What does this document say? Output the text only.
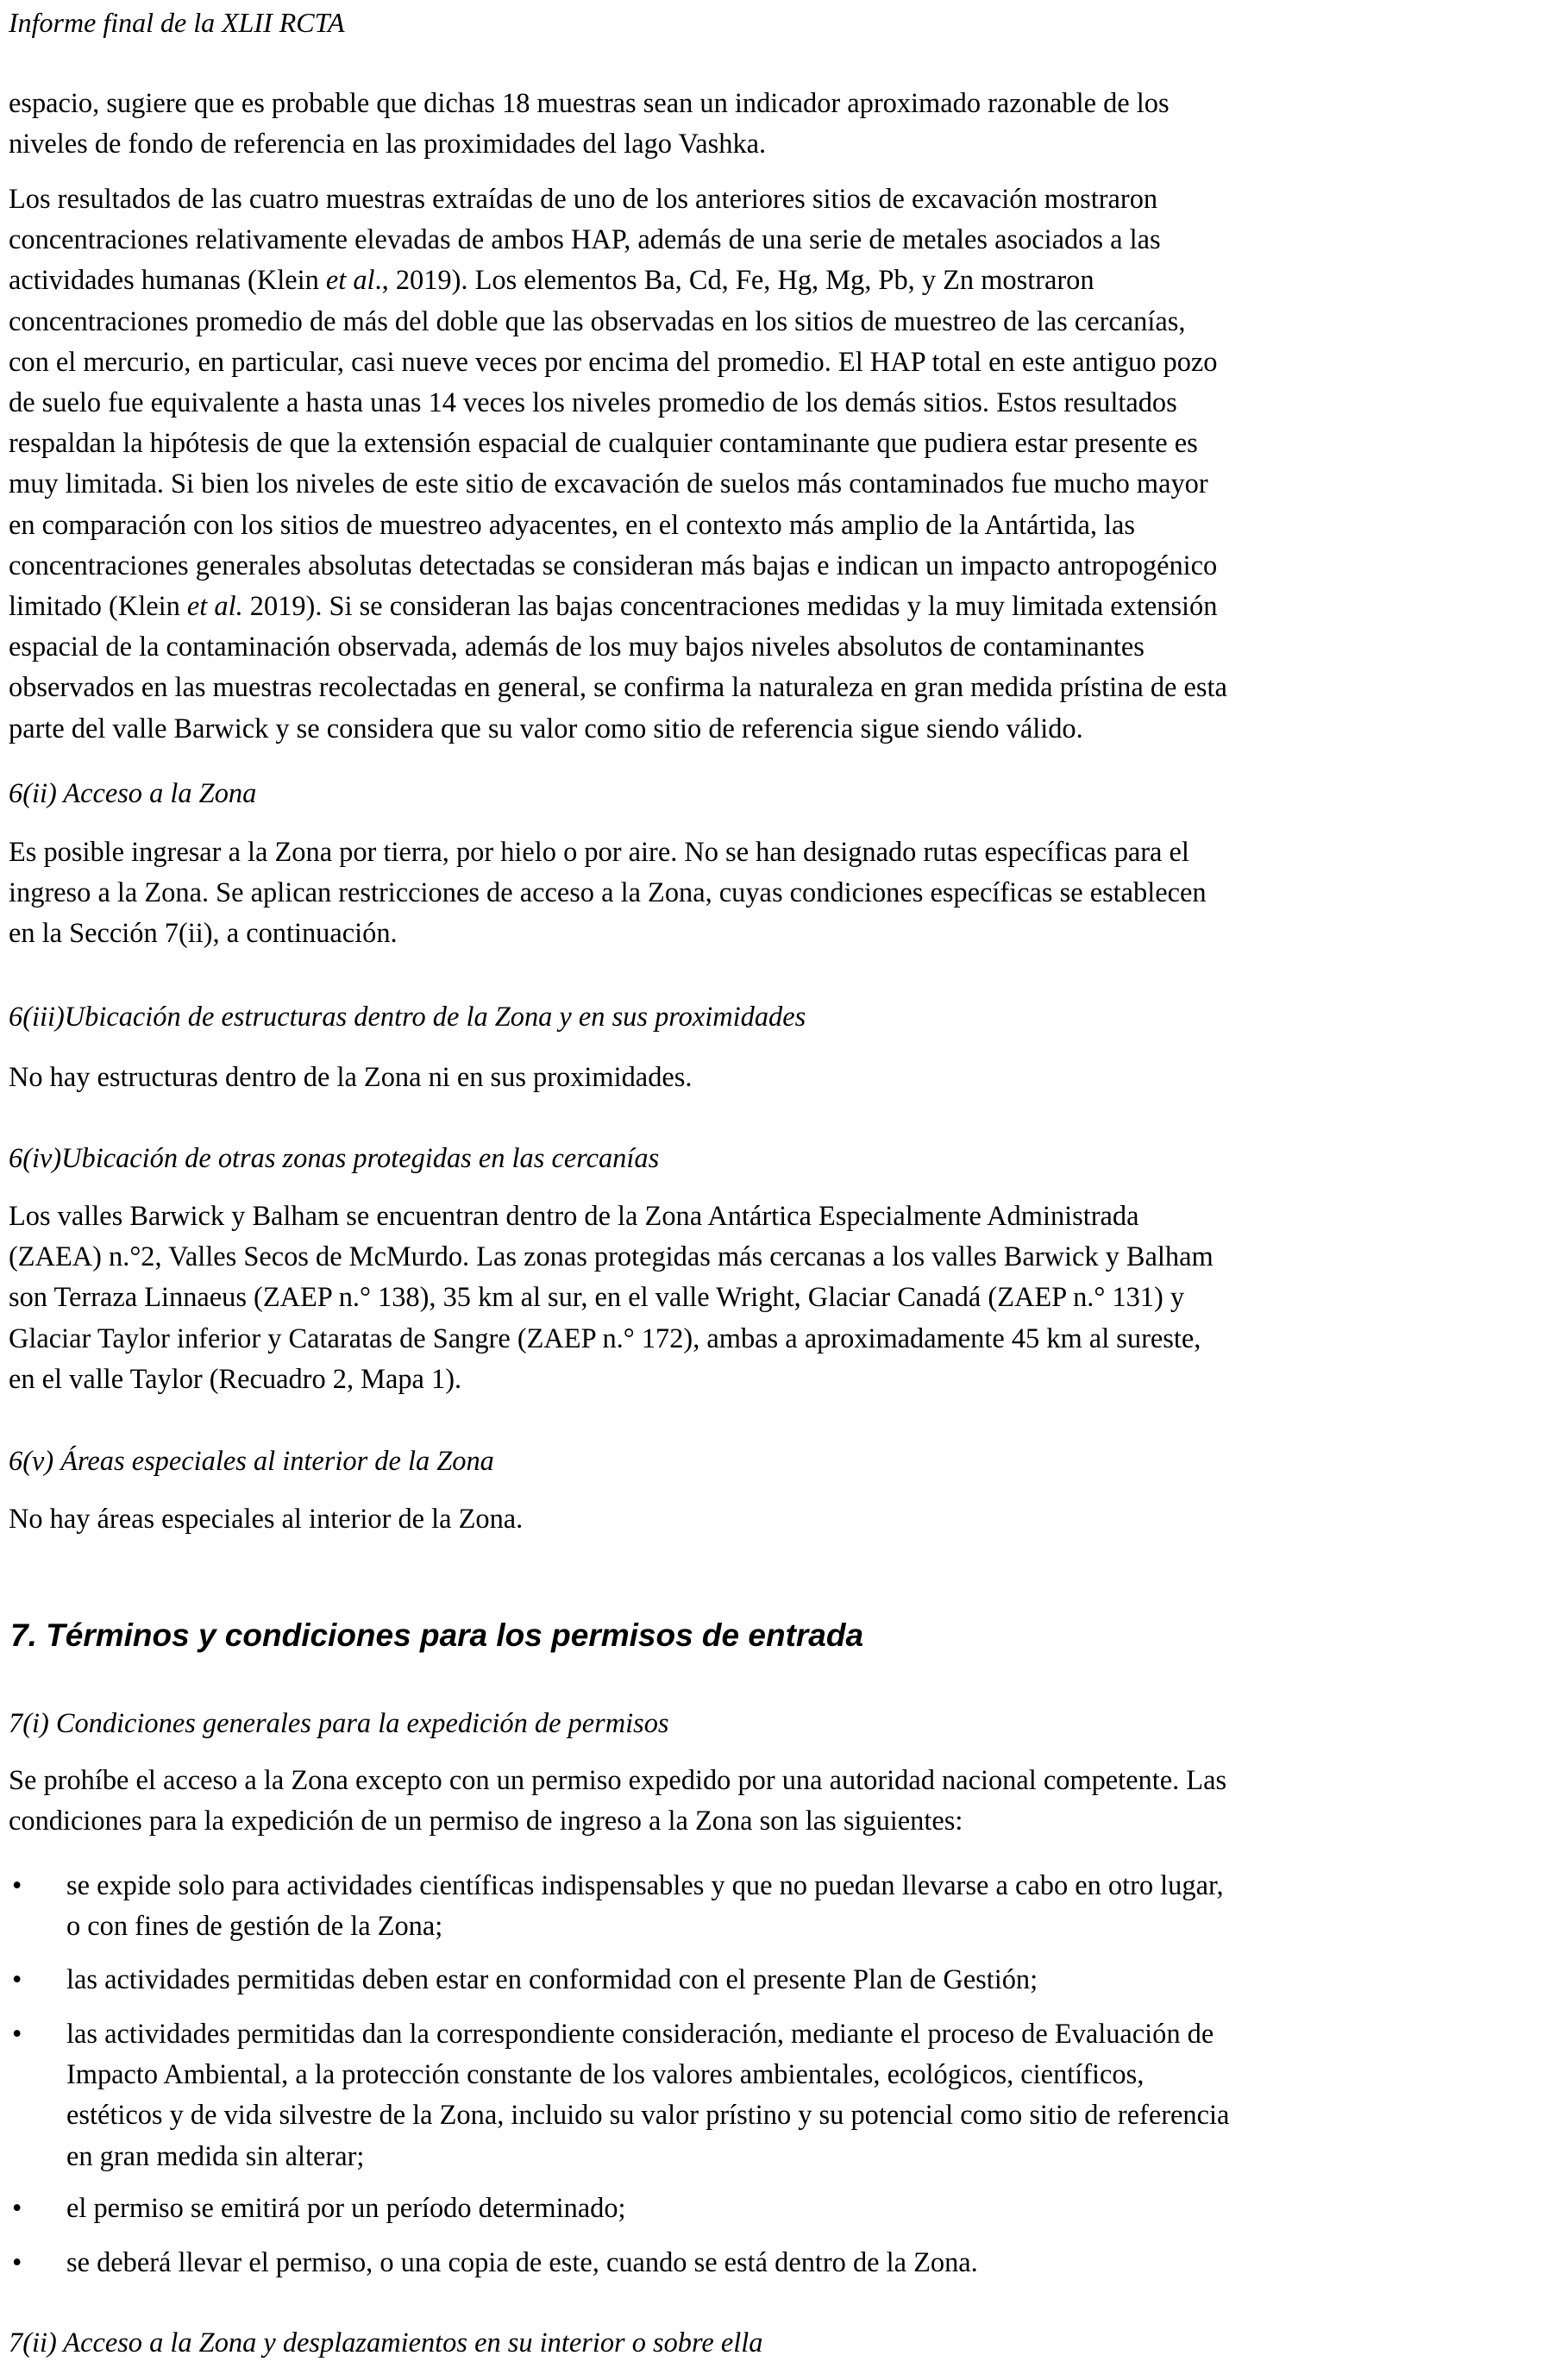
Informe final de la XLII RCTA
espacio, sugiere que es probable que dichas 18 muestras sean un indicador aproximado razonable de los
niveles de fondo de referencia en las proximidades del lago Vashka.
Los resultados de las cuatro muestras extraídas de uno de los anteriores sitios de excavación mostraron
concentraciones relativamente elevadas de ambos HAP, además de una serie de metales asociados a las
actividades humanas (Klein et al., 2019). Los elementos Ba, Cd, Fe, Hg, Mg, Pb, y Zn mostraron
concentraciones promedio de más del doble que las observadas en los sitios de muestreo de las cercanías,
con el mercurio, en particular, casi nueve veces por encima del promedio. El HAP total en este antiguo pozo
de suelo fue equivalente a hasta unas 14 veces los niveles promedio de los demás sitios. Estos resultados
respaldan la hipótesis de que la extensión espacial de cualquier contaminante que pudiera estar presente es
muy limitada. Si bien los niveles de este sitio de excavación de suelos más contaminados fue mucho mayor
en comparación con los sitios de muestreo adyacentes, en el contexto más amplio de la Antártida, las
concentraciones generales absolutas detectadas se consideran más bajas e indican un impacto antropogénico
limitado (Klein et al. 2019). Si se consideran las bajas concentraciones medidas y la muy limitada extensión
espacial de la contaminación observada, además de los muy bajos niveles absolutos de contaminantes
observados en las muestras recolectadas en general, se confirma la naturaleza en gran medida prístina de esta
parte del valle Barwick y se considera que su valor como sitio de referencia sigue siendo válido.
6(ii) Acceso a la Zona
Es posible ingresar a la Zona por tierra, por hielo o por aire. No se han designado rutas específicas para el
ingreso a la Zona. Se aplican restricciones de acceso a la Zona, cuyas condiciones específicas se establecen
en la Sección 7(ii), a continuación.
6(iii)Ubicación de estructuras dentro de la Zona y en sus proximidades
No hay estructuras dentro de la Zona ni en sus proximidades.
6(iv)Ubicación de otras zonas protegidas en las cercanías
Los valles Barwick y Balham se encuentran dentro de la Zona Antártica Especialmente Administrada
(ZAEA) n.°2, Valles Secos de McMurdo. Las zonas protegidas más cercanas a los valles Barwick y Balham
son Terraza Linnaeus (ZAEP n.° 138), 35 km al sur, en el valle Wright, Glaciar Canadá (ZAEP n.° 131) y
Glaciar Taylor inferior y Cataratas de Sangre (ZAEP n.° 172), ambas a aproximadamente 45 km al sureste,
en el valle Taylor (Recuadro 2, Mapa 1).
6(v) Áreas especiales al interior de la Zona
No hay áreas especiales al interior de la Zona.
7. Términos y condiciones para los permisos de entrada
7(i) Condiciones generales para la expedición de permisos
Se prohíbe el acceso a la Zona excepto con un permiso expedido por una autoridad nacional competente. Las
condiciones para la expedición de un permiso de ingreso a la Zona son las siguientes:
•	se expide solo para actividades científicas indispensables y que no puedan llevarse a cabo en otro lugar,
o con fines de gestión de la Zona;
•	las actividades permitidas deben estar en conformidad con el presente Plan de Gestión;
•	las actividades permitidas dan la correspondiente consideración, mediante el proceso de Evaluación de
Impacto Ambiental, a la protección constante de los valores ambientales, ecológicos, científicos,
estéticos y de vida silvestre de la Zona, incluido su valor prístino y su potencial como sitio de referencia
en gran medida sin alterar;
•	el permiso se emitirá por un período determinado;
•	se deberá llevar el permiso, o una copia de este, cuando se está dentro de la Zona.
7(ii) Acceso a la Zona y desplazamientos en su interior o sobre ella
